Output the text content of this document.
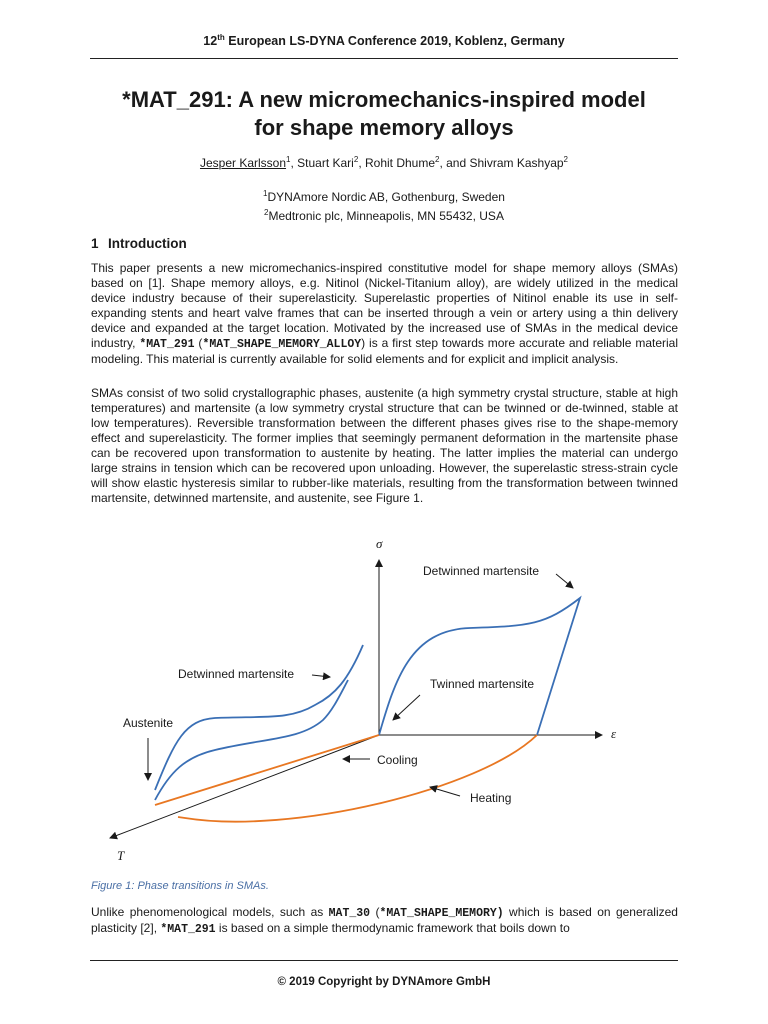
12th European LS-DYNA Conference 2019, Koblenz, Germany
*MAT_291: A new micromechanics-inspired model
for shape memory alloys
Jesper Karlsson$^1$, Stuart Kari$^2$, Rohit Dhume$^2$, and Shivram Kashyap$^2$
$^1$DYNAmore Nordic AB, Gothenburg, Sweden
$^2$Medtronic plc, Minneapolis, MN 55432, USA
1 Introduction

This paper presents a new micromechanics-inspired constitutive model for shape memory alloys (SMAs) based on [1]. Shape memory alloys, e.g. Nitinol (Nickel-Titanium alloy), are widely utilized in the medical device industry because of their superelasticity. Superelastic properties of Nitinol enable its use in self-expanding stents and heart valve frames that can be inserted through a vein or artery using a thin delivery device and expanded at the target location. Motivated by the increased use of SMAs in the medical device industry, *MAT_291 (*MAT_SHAPE_MEMORY_ALLOY) is a first step towards more accurate and reliable material modeling. This material is currently available for solid elements and for explicit and implicit analysis.

SMAs consist of two solid crystallographic phases, austenite (a high symmetry crystal structure, stable at high temperatures) and martensite (a low symmetry crystal structure that can be twinned or de-twinned, stable at low temperatures). Reversible transformation between the different phases gives rise to the shape-memory effect and superelasticity. The former implies that seemingly permanent deformation in the martensite phase can be recovered upon transformation to austenite by heating. The latter implies the material can undergo large strains in tension which can be recovered upon unloading. However, the superelastic stress-strain cycle will show elastic hysteresis similar to rubber-like materials, resulting from the transformation between twinned martensite, detwinned martensite, and austenite, see Figure 1.

σ
ε
T
Detwinned martensite
Detwinned martensite
Twinned martensite
Austenite
Cooling
Heating
Figure 1: Phase transitions in SMAs.

Unlike phenomenological models, such as MAT_30 (*MAT_SHAPE_MEMORY) which is based on generalized plasticity [2], *MAT_291 is based on a simple thermodynamic framework that boils down to

© 2019 Copyright by DYNAmore GmbH
